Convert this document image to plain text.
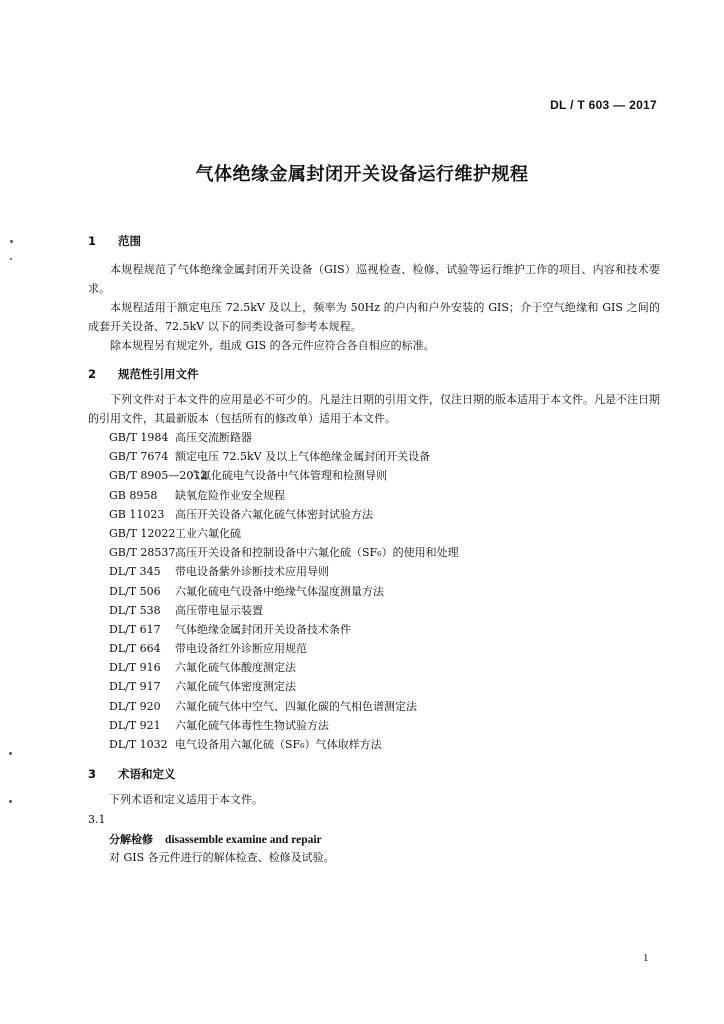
DL / T 603 — 2017
气体绝缘金属封闭开关设备运行维护规程
1 范围

本规程规范了气体绝缘金属封闭开关设备（GIS）巡视检查、检修、试验等运行维护工作的项目、内容和技术要求。

本规程适用于额定电压 72.5kV 及以上，频率为 50Hz 的户内和户外安装的 GIS；介于空气绝缘和 GIS 之间的成套开关设备、72.5kV 以下的同类设备可参考本规程。

除本规程另有规定外，组成 GIS 的各元件应符合各自相应的标准。

2 规范性引用文件

下列文件对于本文件的应用是必不可少的。凡是注日期的引用文件，仅注日期的版本适用于本文件。凡是不注日期的引用文件，其最新版本（包括所有的修改单）适用于本文件。

GB/T 1984 高压交流断路器
GB/T 7674 额定电压 72.5kV 及以上气体绝缘金属封闭开关设备
GB/T 8905—2012六氟化硫电气设备中气体管理和检测导则
GB 8958 缺氧危险作业安全规程
GB 11023 高压开关设备六氟化硫气体密封试验方法
GB/T 12022工业六氟化硫
GB/T 28537高压开关设备和控制设备中六氟化硫（SF₆）的使用和处理
DL/T 345 带电设备紫外诊断技术应用导则
DL/T 506 六氟化硫电气设备中绝缘气体湿度测量方法
DL/T 538 高压带电显示装置
DL/T 617 气体绝缘金属封闭开关设备技术条件
DL/T 664 带电设备红外诊断应用规范
DL/T 916 六氟化硫气体酸度测定法
DL/T 917 六氟化硫气体密度测定法
DL/T 920 六氟化硫气体中空气、四氟化碳的气相色谱测定法
DL/T 921 六氟化硫气体毒性生物试验方法
DL/T 1032 电气设备用六氟化硫（SF₆）气体取样方法
3 术语和定义
下列术语和定义适用于本文件。
3.1
分解检修 disassemble examine and repair
对 GIS 各元件进行的解体检查、检修及试验。
1
